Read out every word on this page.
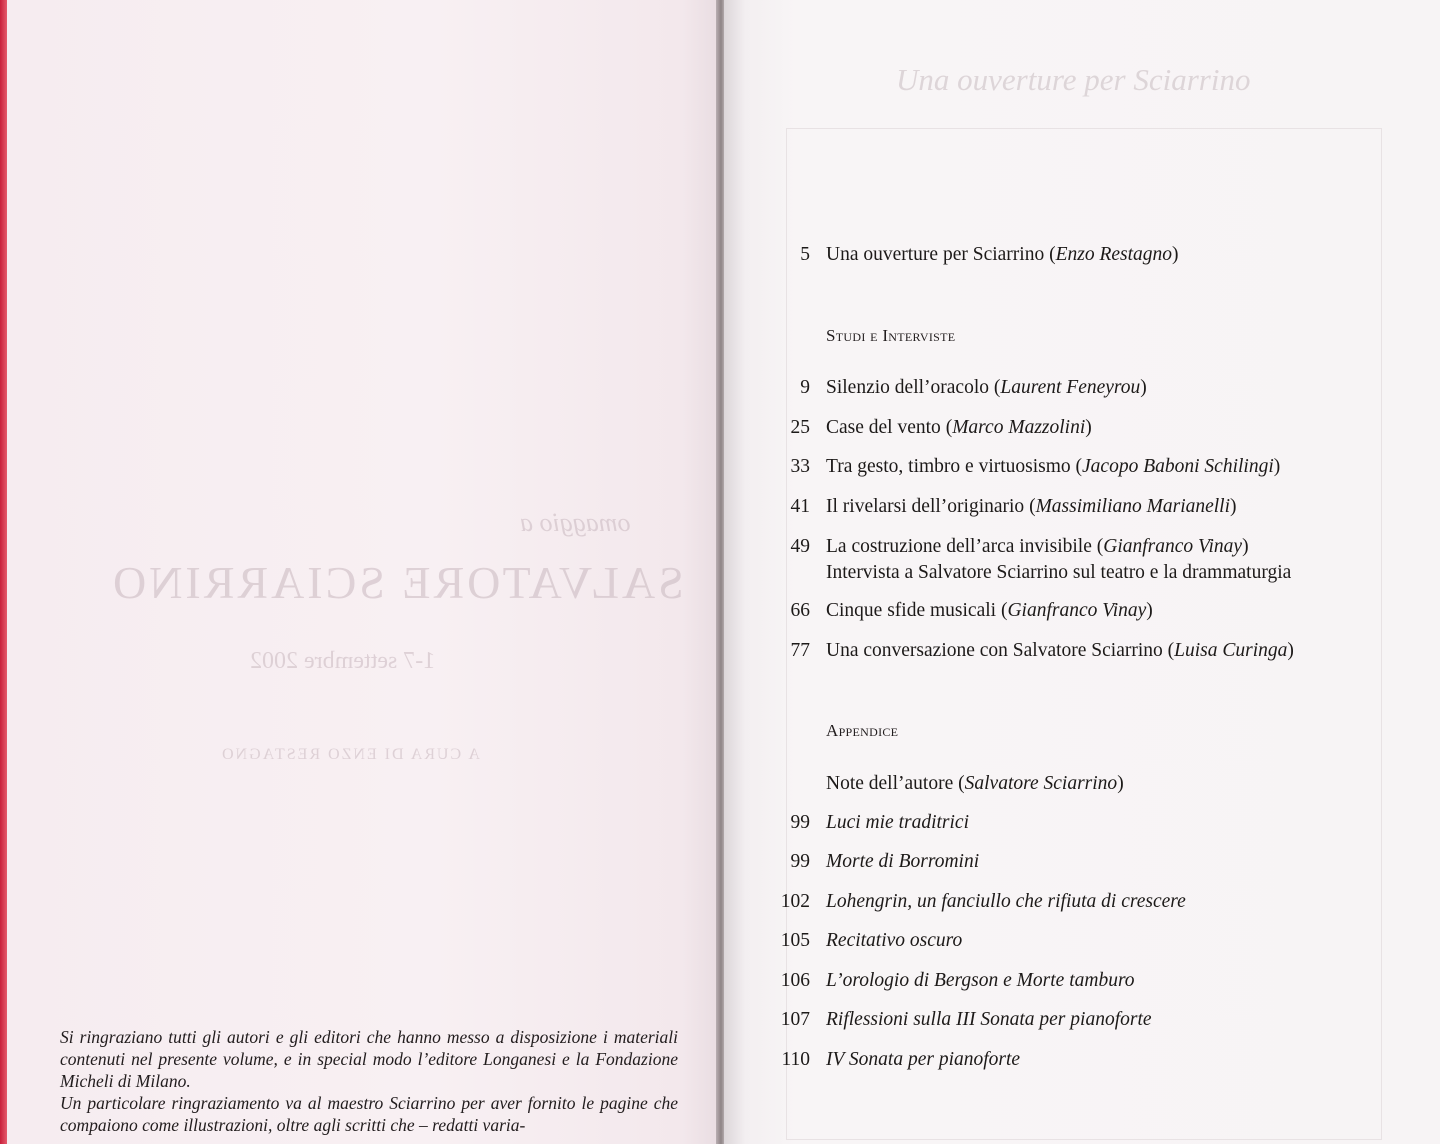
omaggio a
SALVATORE SCIARRINO
1-7 settembre 2002
A CURA DI ENZO RESTAGNO

Si ringraziano tutti gli autori e gli editori che hanno messo a disposizione i materiali contenuti nel presente volume, e in special modo l’editore Longanesi e la Fondazione Micheli di Milano.

Un particolare ringraziamento va al maestro Sciarrino per aver fornito le pagine che compaiono come illustrazioni, oltre agli scritti che – redatti varia-

Una ouverture per Sciarrino
5 Una ouverture per Sciarrino (Enzo Restagno)
Studi e Interviste
9 Silenzio dell’oracolo (Laurent Feneyrou)
25 Case del vento (Marco Mazzolini)
33 Tra gesto, timbro e virtuosismo (Jacopo Baboni Schilingi)
41 Il rivelarsi dell’originario (Massimiliano Marianelli)
49 La costruzione dell’arca invisibile (Gianfranco Vinay)
Intervista a Salvatore Sciarrino sul teatro e la drammaturgia
66 Cinque sfide musicali (Gianfranco Vinay)
77 Una conversazione con Salvatore Sciarrino (Luisa Curinga)
Appendice
Note dell’autore (Salvatore Sciarrino)
99 Luci mie traditrici
99 Morte di Borromini
102 Lohengrin, un fanciullo che rifiuta di crescere
105 Recitativo oscuro
106 L’orologio di Bergson e Morte tamburo
107 Riflessioni sulla III Sonata per pianoforte
110 IV Sonata per pianoforte
